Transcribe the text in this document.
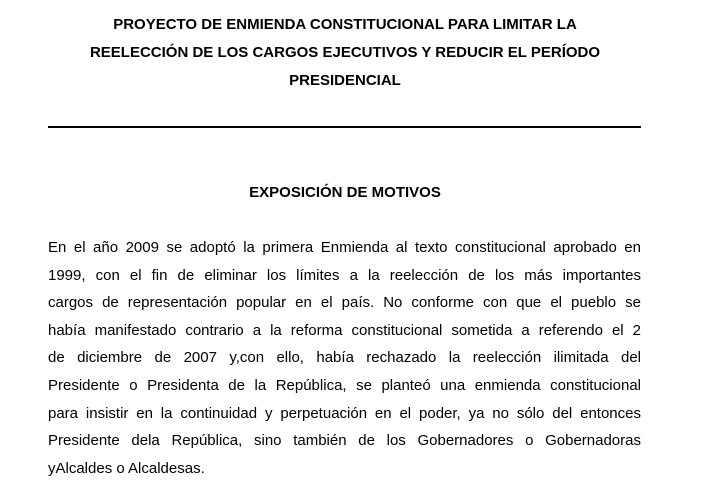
PROYECTO DE ENMIENDA CONSTITUCIONAL PARA LIMITAR LA
REELECCIÓN DE LOS CARGOS EJECUTIVOS Y REDUCIR EL PERÍODO
PRESIDENCIAL
EXPOSICIÓN DE MOTIVOS

En el año 2009 se adoptó la primera Enmienda al texto constitucional aprobado en
1999, con el fin de eliminar los límites a la reelección de los más importantes
cargos de representación popular en el país. No conforme con que el pueblo se
había manifestado contrario a la reforma constitucional sometida a referendo el 2
de diciembre de 2007 y,con ello, había rechazado la reelección ilimitada del
Presidente o Presidenta de la República, se planteó una enmienda constitucional
para insistir en la continuidad y perpetuación en el poder, ya no sólo del entonces
Presidente dela República, sino también de los Gobernadores o Gobernadoras
yAlcaldes o Alcaldesas.
